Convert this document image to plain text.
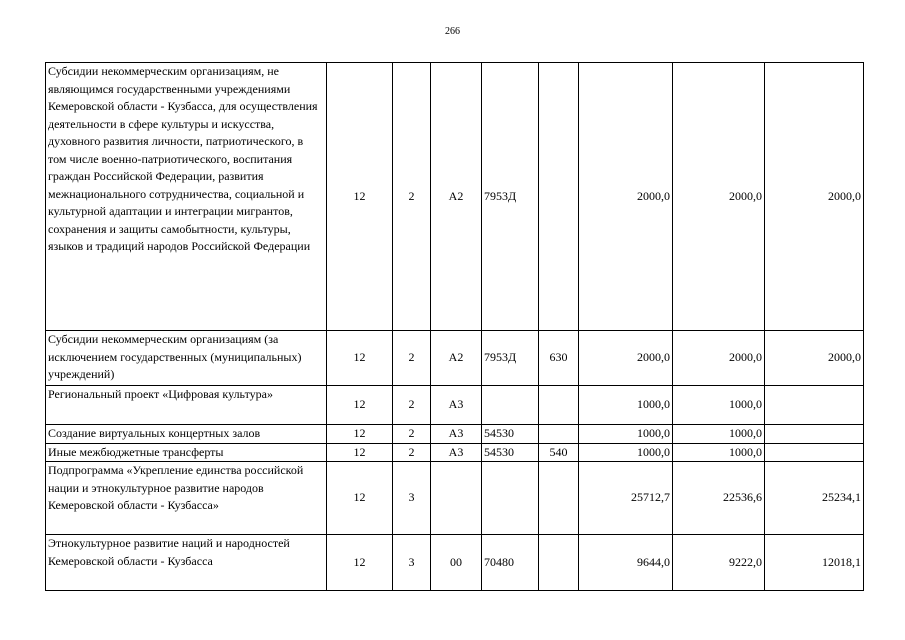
266
Субсидии некоммерческим организациям, не являющимся государственными учреждениями Кемеровской области - Кузбасса, для осуществления деятельности в сфере культуры и искусства, духовного развития личности, патриотического, в том числе военно-патриотического, воспитания граждан Российской Федерации, развития межнационального сотрудничества, социальной и культурной адаптации и интеграции мигрантов, сохранения и защиты самобытности, культуры, языков и традиций народов Российской Федерации	12	2	А2	7953Д		2000,0	2000,0	2000,0
Субсидии некоммерческим организациям (за исключением государственных (муниципальных) учреждений)	12	2	А2	7953Д	630	2000,0	2000,0	2000,0
Региональный проект «Цифровая культура»	12	2	А3			1000,0	1000,0	
Создание виртуальных концертных залов	12	2	А3	54530		1000,0	1000,0	
Иные межбюджетные трансферты	12	2	А3	54530	540	1000,0	1000,0	
Подпрограмма «Укрепление единства российской нации и этнокультурное развитие народов Кемеровской области - Кузбасса»	12	3				25712,7	22536,6	25234,1
Этнокультурное развитие наций и народностей Кемеровской области - Кузбасса	12	3	00	70480		9644,0	9222,0	12018,1
